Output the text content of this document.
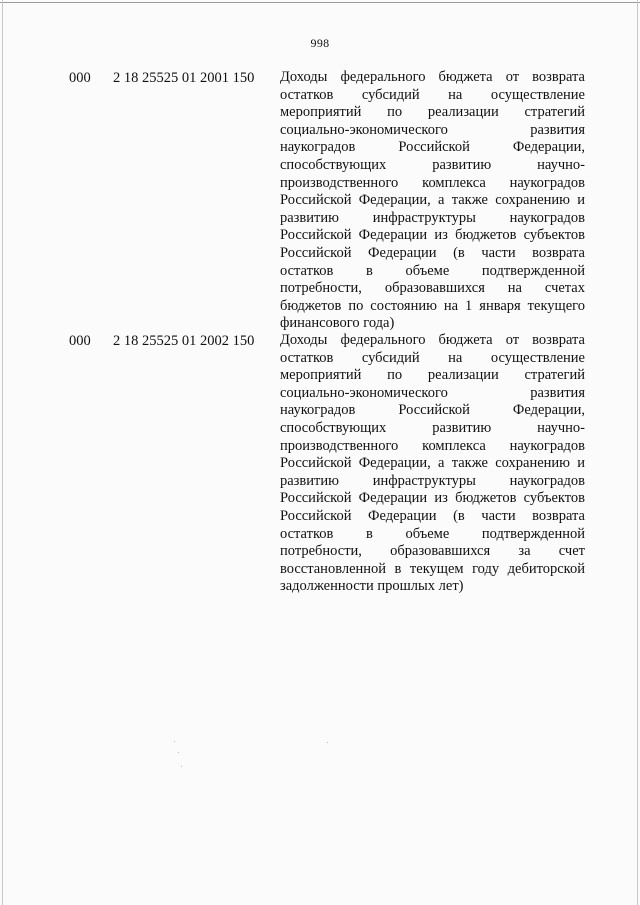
998
000 2 18 25525 01 2001 150 Доходы федерального бюджета от возврата
остатков субсидий на осуществление
мероприятий по реализации стратегий
социально-экономического развития
наукоградов Российской Федерации,
способствующих развитию научно-
производственного комплекса наукоградов
Российской Федерации, а также сохранению и
развитию инфраструктуры наукоградов
Российской Федерации из бюджетов субъектов
Российской Федерации (в части возврата
остатков в объеме подтвержденной
потребности, образовавшихся на счетах
бюджетов по состоянию на 1 января текущего
финансового года)
000 2 18 25525 01 2002 150 Доходы федерального бюджета от возврата
остатков субсидий на осуществление
мероприятий по реализации стратегий
социально-экономического развития
наукоградов Российской Федерации,
способствующих развитию научно-
производственного комплекса наукоградов
Российской Федерации, а также сохранению и
развитию инфраструктуры наукоградов
Российской Федерации из бюджетов субъектов
Российской Федерации (в части возврата
остатков в объеме подтвержденной
потребности, образовавшихся за счет
восстановленной в текущем году дебиторской
задолженности прошлых лет)
